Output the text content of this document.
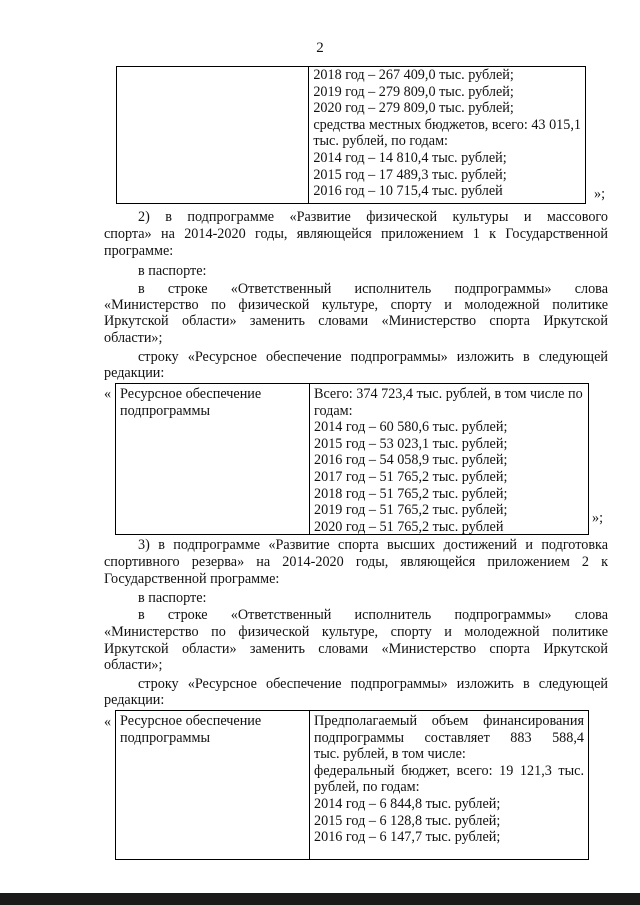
2
2018 год – 267 409,0 тыс. рублей;
2019 год – 279 809,0 тыс. рублей;
2020 год – 279 809,0 тыс. рублей;
средства местных бюджетов, всего: 43 015,1
тыс. рублей, по годам:
2014 год – 14 810,4 тыс. рублей;
2015 год – 17 489,3 тыс. рублей;
2016 год – 10 715,4 тыс. рублей	»;
2) в подпрограмме «Развитие физической культуры и массового
спорта» на 2014-2020 годы, являющейся приложением 1 к Государственной
программе:
в паспорте:
в строке «Ответственный исполнитель подпрограммы» слова
«Министерство по физической культуре, спорту и молодежной политике
Иркутской области» заменить словами «Министерство спорта Иркутской
области»;
строку «Ресурсное обеспечение подпрограммы» изложить в следующей
редакции:
« Ресурсное обеспечение
подпрограммы
Всего: 374 723,4 тыс. рублей, в том числе по
годам:
2014 год – 60 580,6 тыс. рублей;
2015 год – 53 023,1 тыс. рублей;
2016 год – 54 058,9 тыс. рублей;
2017 год – 51 765,2 тыс. рублей;
2018 год – 51 765,2 тыс. рублей;
2019 год – 51 765,2 тыс. рублей;
2020 год – 51 765,2 тыс. рублей
»;
3) в подпрограмме «Развитие спорта высших достижений и подготовка
спортивного резерва» на 2014-2020 годы, являющейся приложением 2 к
Государственной программе:
в паспорте:
в строке «Ответственный исполнитель подпрограммы» слова
«Министерство по физической культуре, спорту и молодежной политике
Иркутской области» заменить словами «Министерство спорта Иркутской
области»;
строку «Ресурсное обеспечение подпрограммы» изложить в следующей
редакции:
« Ресурсное обеспечение
подпрограммы
Предполагаемый объем финансирования
подпрограммы составляет 883 588,4
тыс. рублей, в том числе:
федеральный бюджет, всего: 19 121,3 тыс.
рублей, по годам:
2014 год – 6 844,8 тыс. рублей;
2015 год – 6 128,8 тыс. рублей;
2016 год – 6 147,7 тыс. рублей;
